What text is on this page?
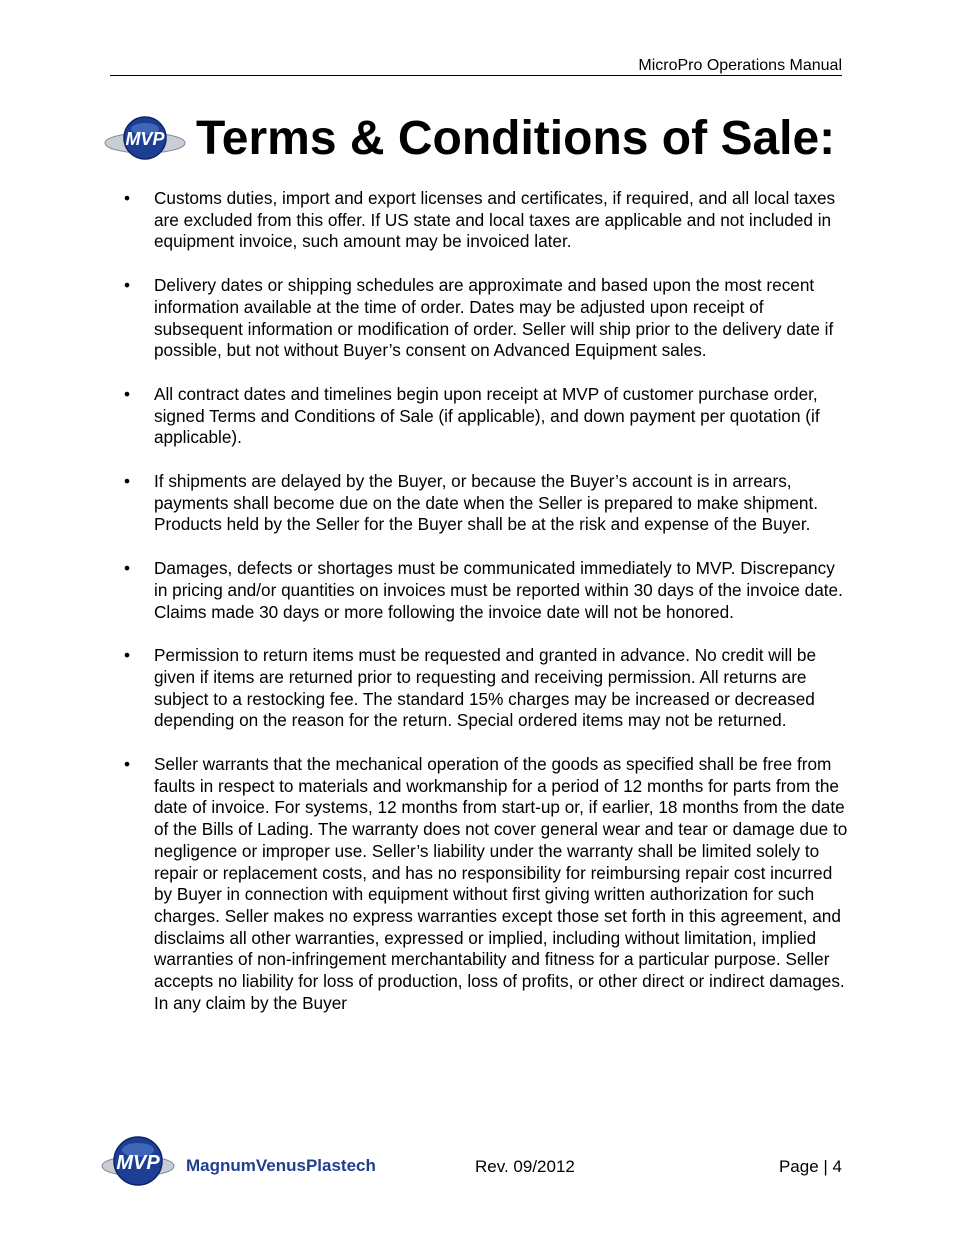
MicroPro Operations Manual
MVP Terms & Conditions of Sale:
• Customs duties, import and export licenses and certificates, if required, and all local taxes are excluded from this offer. If US state and local taxes are applicable and not included in equipment invoice, such amount may be invoiced later.
• Delivery dates or shipping schedules are approximate and based upon the most recent information available at the time of order. Dates may be adjusted upon receipt of subsequent information or modification of order. Seller will ship prior to the delivery date if possible, but not without Buyer’s consent on Advanced Equipment sales.
• All contract dates and timelines begin upon receipt at MVP of customer purchase order, signed Terms and Conditions of Sale (if applicable), and down payment per quotation (if applicable).
• If shipments are delayed by the Buyer, or because the Buyer’s account is in arrears, payments shall become due on the date when the Seller is prepared to make shipment. Products held by the Seller for the Buyer shall be at the risk and expense of the Buyer.
• Damages, defects or shortages must be communicated immediately to MVP. Discrepancy in pricing and/or quantities on invoices must be reported within 30 days of the invoice date. Claims made 30 days or more following the invoice date will not be honored.
• Permission to return items must be requested and granted in advance. No credit will be given if items are returned prior to requesting and receiving permission. All returns are subject to a restocking fee. The standard 15% charges may be increased or decreased depending on the reason for the return. Special ordered items may not be returned.
• Seller warrants that the mechanical operation of the goods as specified shall be free from faults in respect to materials and workmanship for a period of 12 months for parts from the date of invoice. For systems, 12 months from start-up or, if earlier, 18 months from the date of the Bills of Lading. The warranty does not cover general wear and tear or damage due to negligence or improper use. Seller’s liability under the warranty shall be limited solely to repair or replacement costs, and has no responsibility for reimbursing repair cost incurred by Buyer in connection with equipment without first giving written authorization for such charges. Seller makes no express warranties except those set forth in this agreement, and disclaims all other warranties, expressed or implied, including without limitation, implied warranties of non-infringement merchantability and fitness for a particular purpose. Seller accepts no liability for loss of production, loss of profits, or other direct or indirect damages. In any claim by the Buyer
MVP MagnumVenusPlastech	Rev. 09/2012	Page | 4
